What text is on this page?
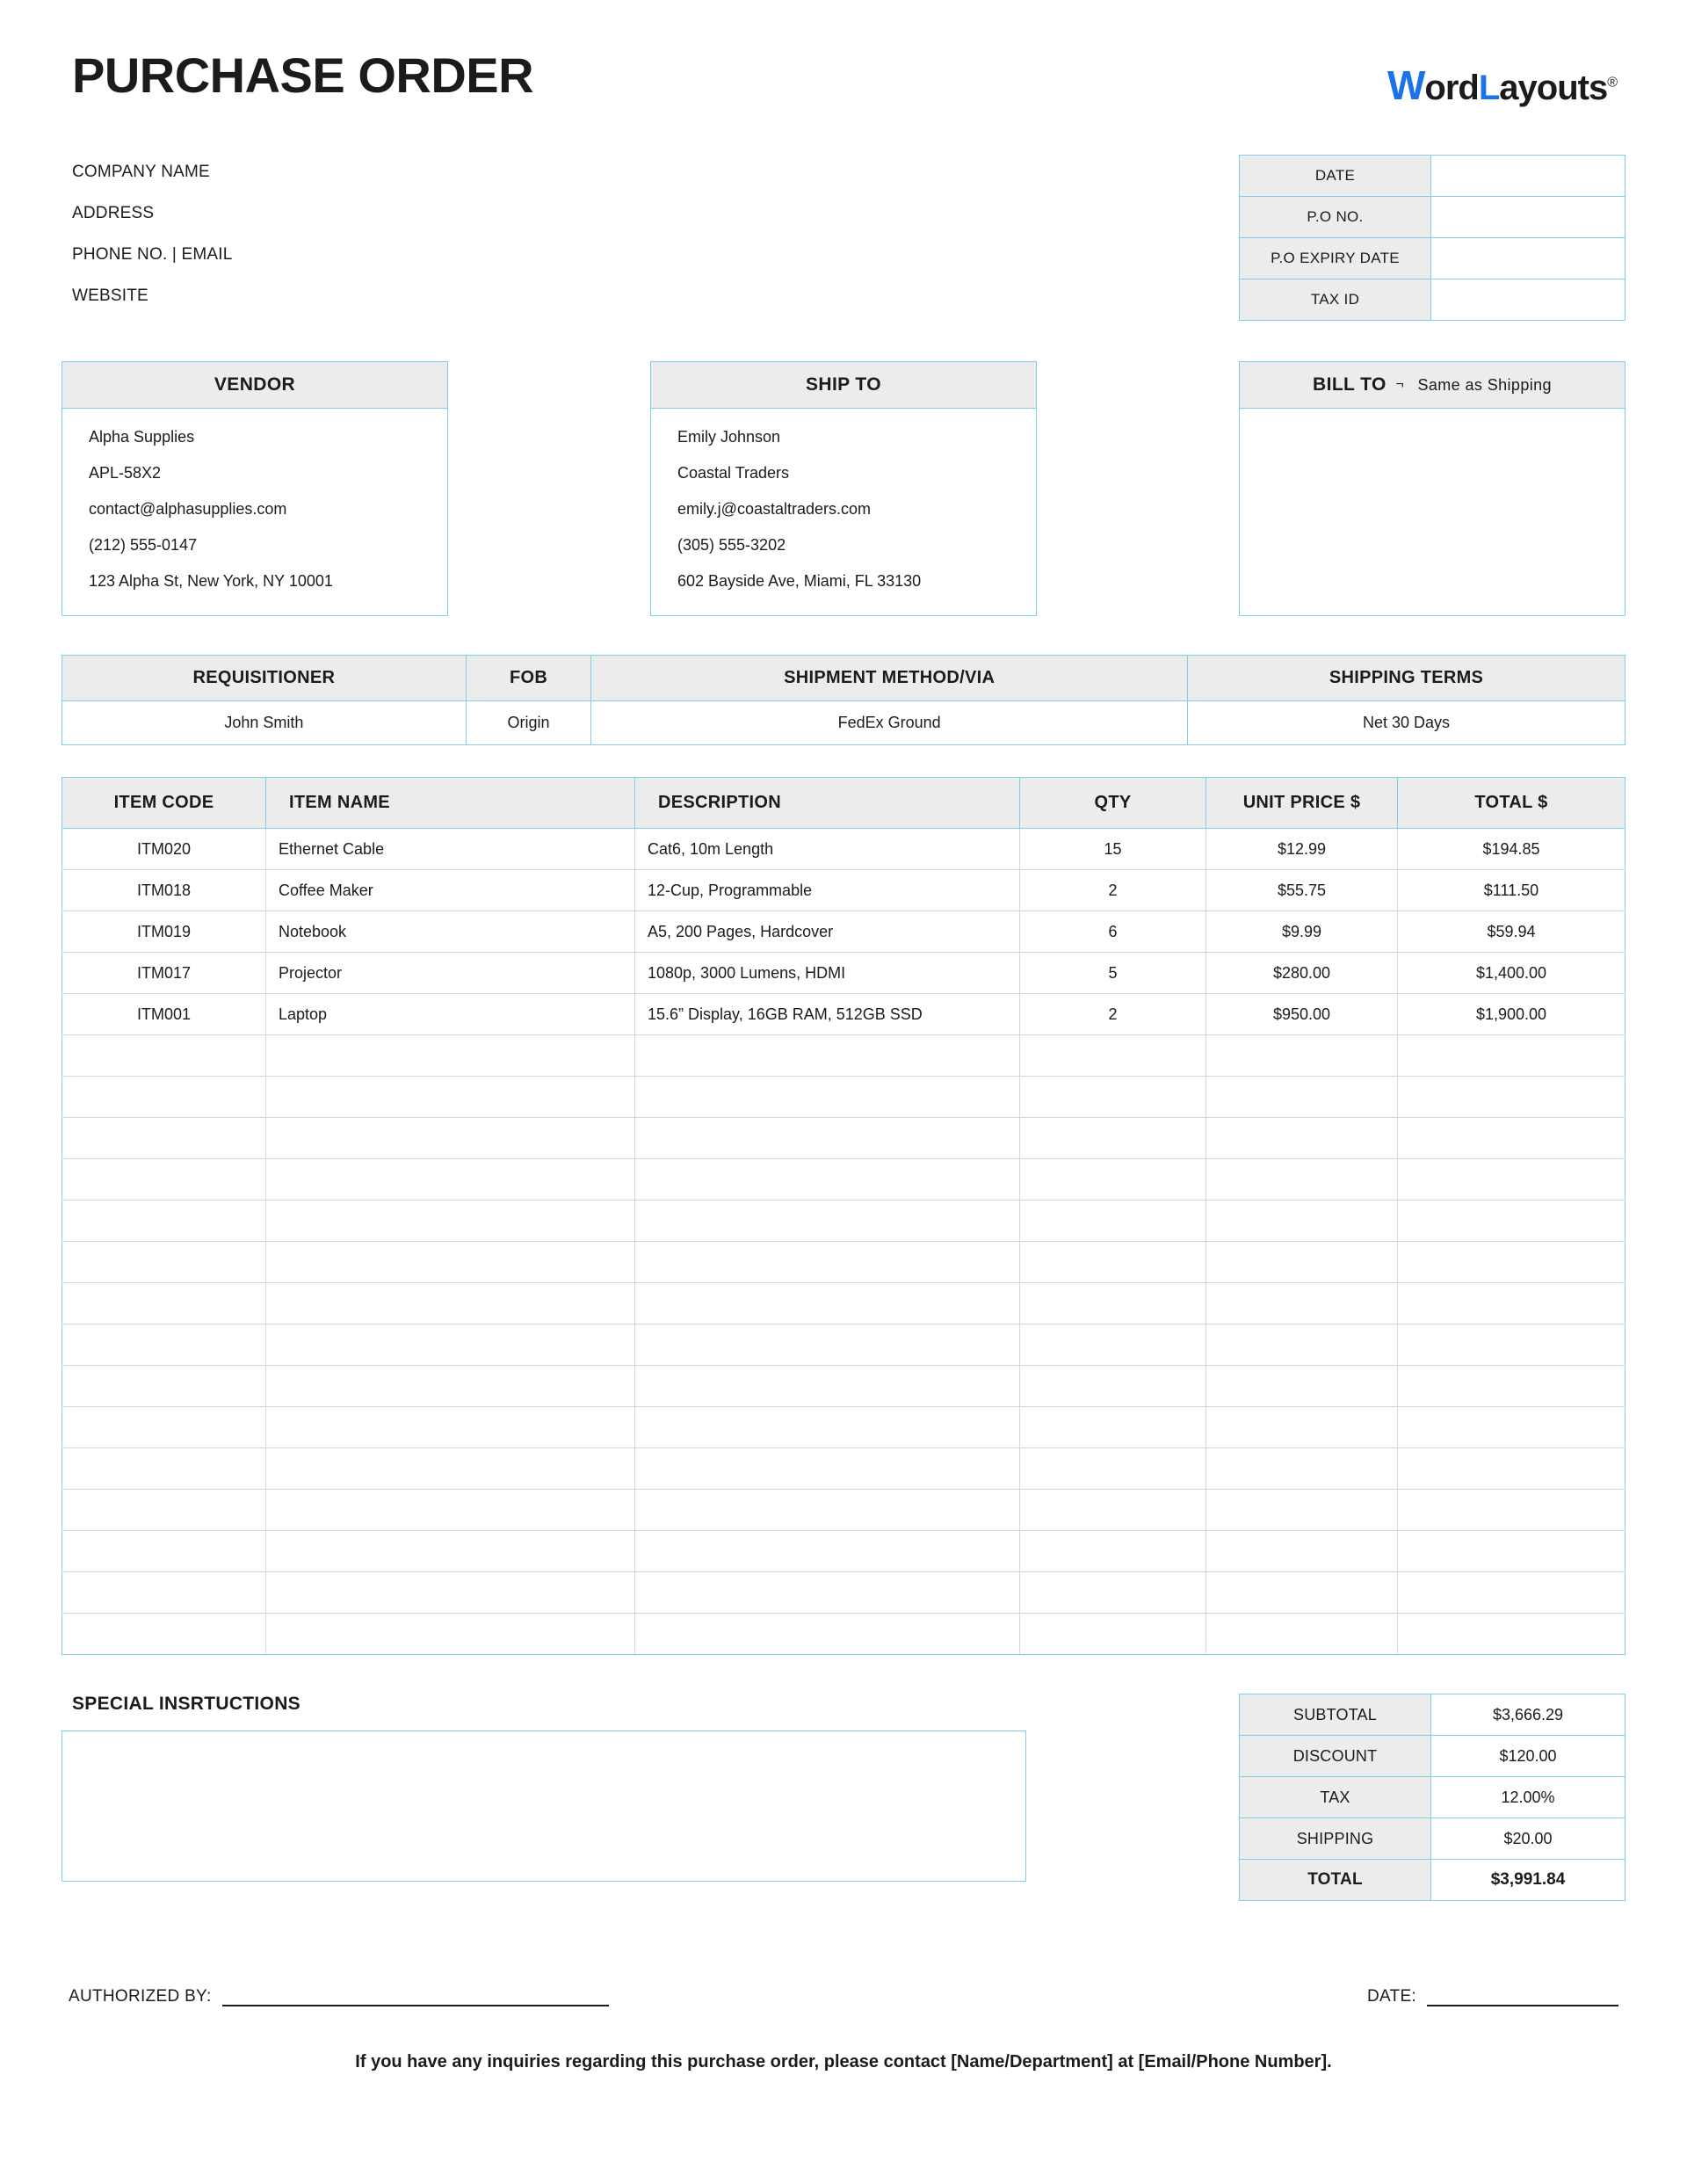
PURCHASE ORDER	WordLayouts®
COMPANY NAME
ADDRESS
PHONE NO. | EMAIL
WEBSITE
DATE	
P.O NO.	
P.O EXPIRY DATE	
TAX ID	
VENDOR
Alpha Supplies
APL-58X2
contact@alphasupplies.com
(212) 555-0147
123 Alpha St, New York, NY 10001
SHIP TO
Emily Johnson
Coastal Traders
emily.j@coastaltraders.com
(305) 555-3202
602 Bayside Ave, Miami, FL 33130
BILL TO ⌐ Same as Shipping
REQUISITIONER	FOB	SHIPMENT METHOD/VIA	SHIPPING TERMS
John Smith	Origin	FedEx Ground	Net 30 Days
ITEM CODE	ITEM NAME	DESCRIPTION	QTY	UNIT PRICE $	TOTAL $
ITM020	Ethernet Cable	Cat6, 10m Length	15	$12.99	$194.85
ITM018	Coffee Maker	12-Cup, Programmable	2	$55.75	$111.50
ITM019	Notebook	A5, 200 Pages, Hardcover	6	$9.99	$59.94
ITM017	Projector	1080p, 3000 Lumens, HDMI	5	$280.00	$1,400.00
ITM001	Laptop	15.6” Display, 16GB RAM, 512GB SSD	2	$950.00	$1,900.00

SPECIAL INSRTUCTIONS
SUBTOTAL	$3,666.29
DISCOUNT	$120.00
TAX	12.00%
SHIPPING	$20.00
TOTAL	$3,991.84
AUTHORIZED BY:	DATE:
If you have any inquiries regarding this purchase order, please contact [Name/Department] at [Email/Phone Number].
